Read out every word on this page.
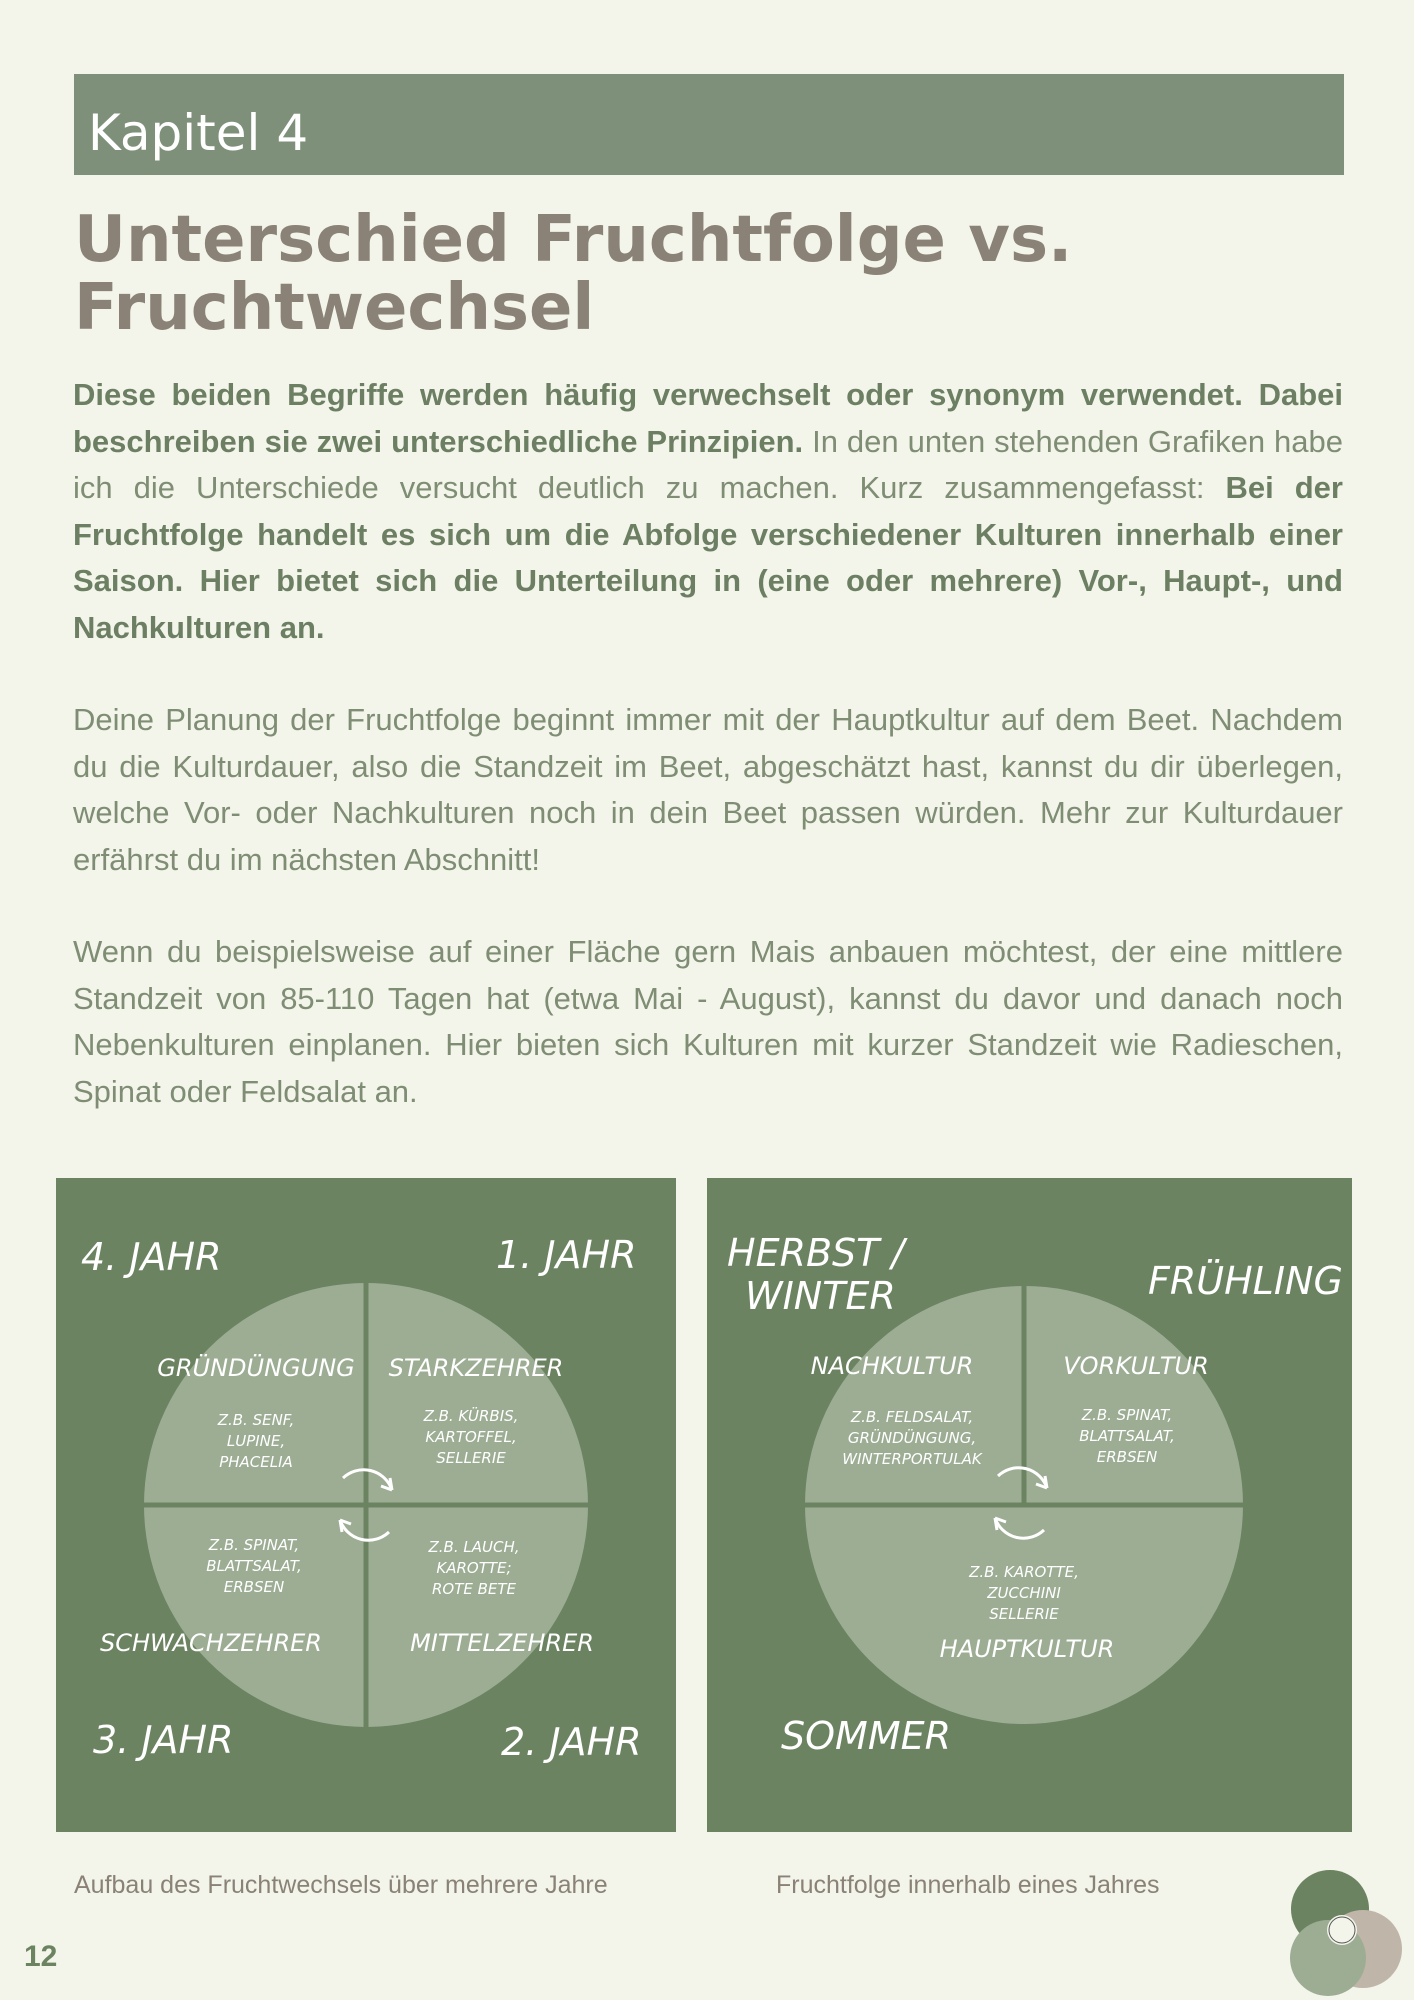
Kapitel 4
Unterschied Fruchtfolge vs.
Fruchtwechsel

Diese beiden Begriffe werden häufig verwechselt oder synonym verwendet. Dabei beschreiben sie zwei unterschiedliche Prinzipien. In den unten stehenden Grafiken habe ich die Unterschiede versucht deutlich zu machen. Kurz zusammengefasst: Bei der Fruchtfolge handelt es sich um die Abfolge verschiedener Kulturen innerhalb einer Saison. Hier bietet sich die Unterteilung in (eine oder mehrere) Vor-, Haupt-, und Nachkulturen an.

Deine Planung der Fruchtfolge beginnt immer mit der Hauptkultur auf dem Beet. Nachdem du die Kulturdauer, also die Standzeit im Beet, abgeschätzt hast, kannst du dir überlegen, welche Vor- oder Nachkulturen noch in dein Beet passen würden. Mehr zur Kulturdauer erfährst du im nächsten Abschnitt!

Wenn du beispielsweise auf einer Fläche gern Mais anbauen möchtest, der eine mittlere Standzeit von 85-110 Tagen hat (etwa Mai - August), kannst du davor und danach noch Nebenkulturen einplanen. Hier bieten sich Kulturen mit kurzer Standzeit wie Radieschen, Spinat oder Feldsalat an.

4. JAHR	1. JAHR
3. JAHR	2. JAHR
GRÜNDÜNGUNG
Z.B. SENF,
LUPINE,
PHACELIA
STARKZEHRER
Z.B. KÜRBIS,
KARTOFFEL,
SELLERIE
Z.B. SPINAT,
BLATTSALAT,
ERBSEN
SCHWACHZEHRER
Z.B. LAUCH,
KAROTTE;
ROTE BETE
MITTELZEHRER
HERBST /
WINTER	FRÜHLING
SOMMER
NACHKULTUR
Z.B. FELDSALAT,
GRÜNDÜNGUNG,
WINTERPORTULAK
VORKULTUR
Z.B. SPINAT,
BLATTSALAT,
ERBSEN
Z.B. KAROTTE,
ZUCCHINI
SELLERIE
HAUPTKULTUR
Aufbau des Fruchtwechsels über mehrere Jahre	Fruchtfolge innerhalb eines Jahres
12
